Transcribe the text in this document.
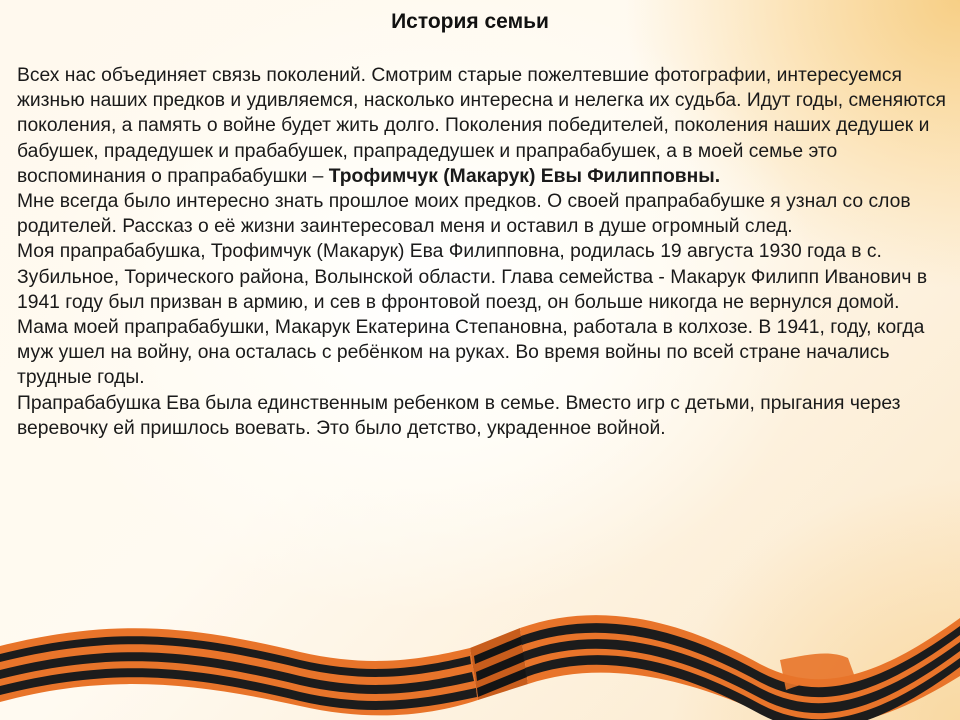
История семьи

Всех нас объединяет связь поколений. Смотрим старые пожелтевшие фотографии, интересуемся жизнью наших предков и удивляемся, насколько интересна и нелегка их судьба. Идут годы, сменяются поколения, а память о войне будет жить долго. Поколения победителей, поколения наших дедушек и бабушек, прадедушек и прабабушек, прапрадедушек и прапрабабушек, а в моей семье это воспоминания о прапрабабушки – Трофимчук (Макарук) Евы Филипповны.

Мне всегда было интересно знать прошлое моих предков. О своей прапрабабушке я узнал со слов родителей. Рассказ о её жизни заинтересовал меня и оставил в душе огромный след.

Моя прапрабабушка, Трофимчук (Макарук) Ева Филипповна, родилась 19 августа 1930 года в с. Зубильное, Торического района, Волынской области. Глава семейства - Макарук Филипп Иванович в 1941 году был призван в армию, и сев в фронтовой поезд, он больше никогда не вернулся домой.

Мама моей прапрабабушки, Макарук Екатерина Степановна, работала в колхозе. В 1941, году, когда муж ушел на войну, она осталась с ребёнком на руках. Во время войны по всей стране начались трудные годы.

Прапрабабушка Ева была единственным ребенком в семье. Вместо игр с детьми, прыгания через веревочку ей пришлось воевать. Это было детство, украденное войной.
